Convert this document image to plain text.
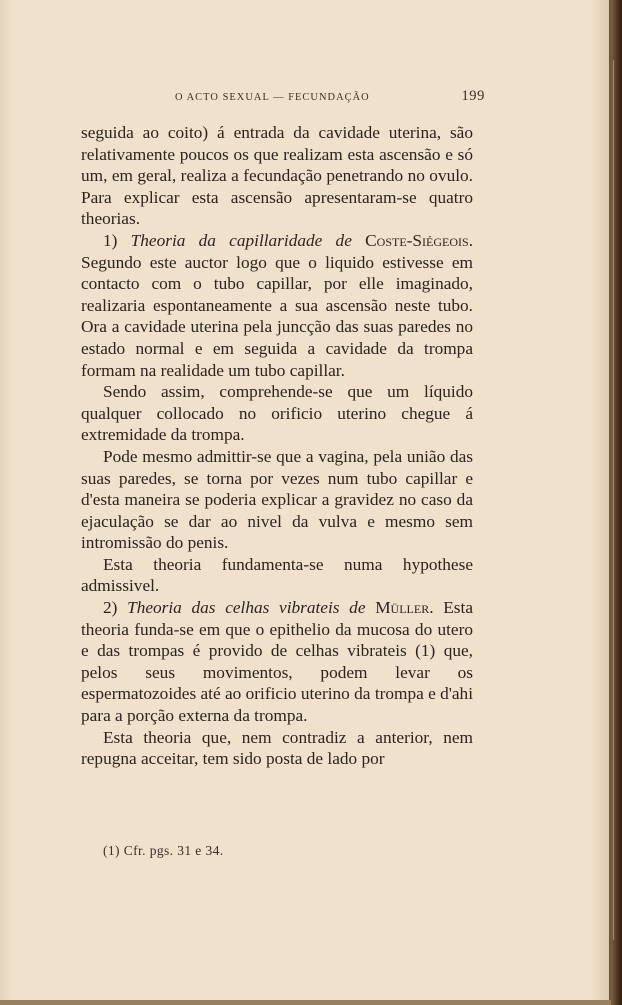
O ACTO SEXUAL — FECUNDAÇÃO	199

seguida ao coito) á entrada da cavidade uterina, são relativamente poucos os que realizam esta ascensão e só um, em geral, realiza a fecundação penetrando no ovulo. Para explicar esta ascensão apresentaram-se quatro theorias.

1) Theoria da capillaridade de Coste-Siégeois. Segundo este auctor logo que o liquido estivesse em contacto com o tubo capillar, por elle imaginado, realizaria espontaneamente a sua ascensão neste tubo. Ora a cavidade uterina pela juncção das suas paredes no estado normal e em seguida a cavidade da trompa formam na realidade um tubo capillar.

Sendo assim, comprehende-se que um líquido qualquer collocado no orificio uterino chegue á extremidade da trompa.

Pode mesmo admittir-se que a vagina, pela união das suas paredes, se torna por vezes num tubo capillar e d'esta maneira se poderia explicar a gravidez no caso da ejaculação se dar ao nivel da vulva e mesmo sem intromissão do penis.

Esta theoria fundamenta-se numa hypothese admissivel.

2) Theoria das celhas vibrateis de Müller. Esta theoria funda-se em que o epithelio da mucosa do utero e das trompas é provido de celhas vibrateis (1) que, pelos seus movimentos, podem levar os espermatozoides até ao orificio uterino da trompa e d'ahi para a porção externa da trompa.

Esta theoria que, nem contradiz a anterior, nem repugna acceitar, tem sido posta de lado por

(1) Cfr. pgs. 31 e 34.
